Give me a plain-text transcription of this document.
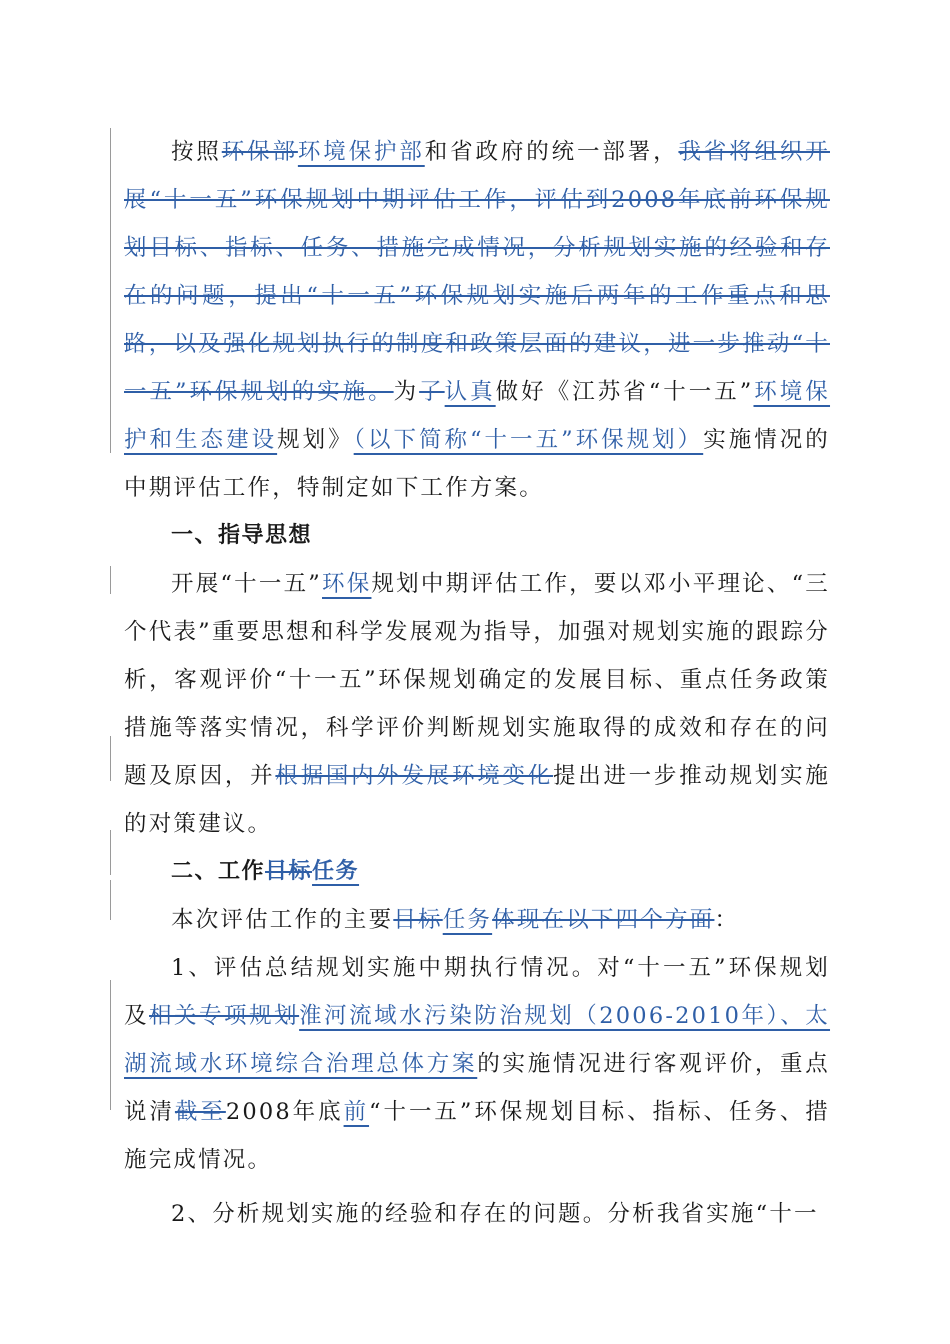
按照环保部环境保护部和省政府的统一部署，我省将组织开展“十一五”环保规划中期评估工作，评估到2008年底前环保规划目标、指标、任务、措施完成情况，分析规划实施的经验和存在的问题，提出“十一五”环保规划实施后两年的工作重点和思路，以及强化规划执行的制度和政策层面的建议，进一步推动“十一五”环保规划的实施。为了认真做好《江苏省“十一五”环境保护和生态建设规划》（以下简称“十一五”环保规划）实施情况的中期评估工作，特制定如下工作方案。

一、指导思想

开展“十一五”环保规划中期评估工作，要以邓小平理论、“三个代表”重要思想和科学发展观为指导，加强对规划实施的跟踪分析，客观评价“十一五”环保规划确定的发展目标、重点任务政策措施等落实情况，科学评价判断规划实施取得的成效和存在的问题及原因，并根据国内外发展环境变化提出进一步推动规划实施的对策建议。

二、工作目标任务

本次评估工作的主要目标任务体现在以下四个方面：

1、评估总结规划实施中期执行情况。对“十一五”环保规划及相关专项规划淮河流域水污染防治规划（2006-2010年）、太湖流域水环境综合治理总体方案的实施情况进行客观评价，重点说清截至2008年底前“十一五”环保规划目标、指标、任务、措施完成情况。

2、分析规划实施的经验和存在的问题。分析我省实施“十一
